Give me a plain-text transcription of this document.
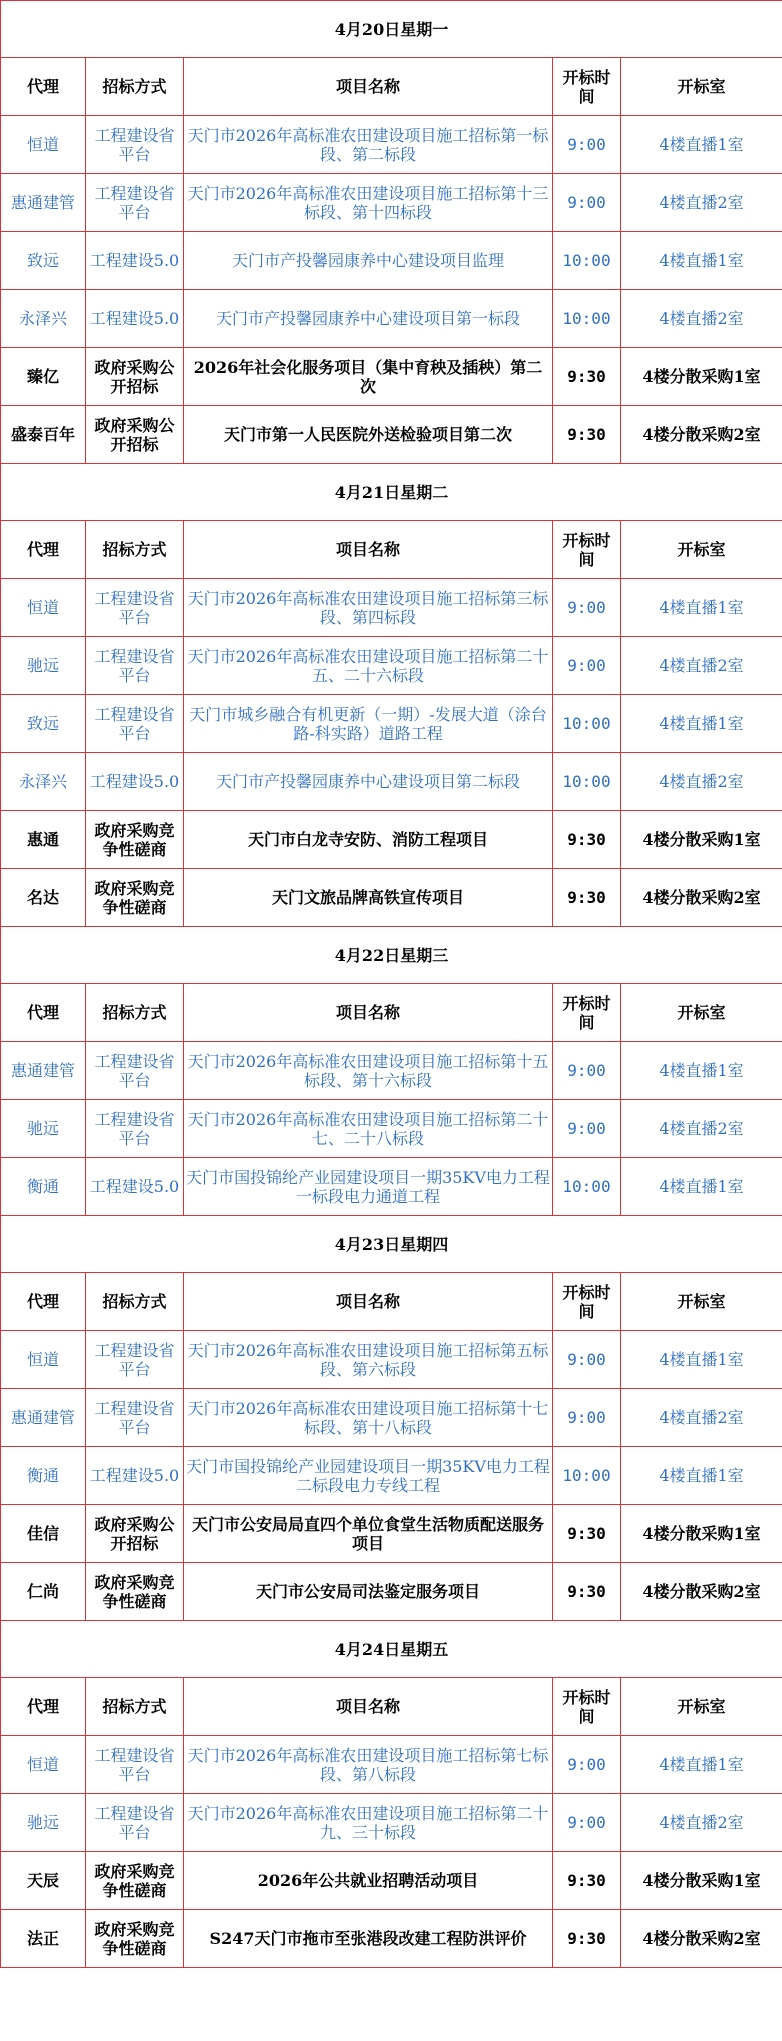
4月20日星期一				
代理	招标方式	项目名称	开标时间	开标室
恒道	工程建设省平台	天门市2026年高标准农田建设项目施工招标第一标段、第二标段	9:00	4楼直播1室
惠通建管	工程建设省平台	天门市2026年高标准农田建设项目施工招标第十三标段、第十四标段	9:00	4楼直播2室
致远	工程建设5.0	天门市产投馨园康养中心建设项目监理	10:00	4楼直播1室
永泽兴	工程建设5.0	天门市产投馨园康养中心建设项目第一标段	10:00	4楼直播2室
臻亿	政府采购公开招标	2026年社会化服务项目（集中育秧及插秧）第二次	9:30	4楼分散采购1室
盛泰百年	政府采购公开招标	天门市第一人民医院外送检验项目第二次	9:30	4楼分散采购2室
4月21日星期二				
代理	招标方式	项目名称	开标时间	开标室
恒道	工程建设省平台	天门市2026年高标准农田建设项目施工招标第三标段、第四标段	9:00	4楼直播1室
驰远	工程建设省平台	天门市2026年高标准农田建设项目施工招标第二十五、二十六标段	9:00	4楼直播2室
致远	工程建设省平台	天门市城乡融合有机更新（一期）-发展大道（涂台路-科实路）道路工程	10:00	4楼直播1室
永泽兴	工程建设5.0	天门市产投馨园康养中心建设项目第二标段	10:00	4楼直播2室
惠通	政府采购竞争性磋商	天门市白龙寺安防、消防工程项目	9:30	4楼分散采购1室
名达	政府采购竞争性磋商	天门文旅品牌高铁宣传项目	9:30	4楼分散采购2室
4月22日星期三				
代理	招标方式	项目名称	开标时间	开标室
惠通建管	工程建设省平台	天门市2026年高标准农田建设项目施工招标第十五标段、第十六标段	9:00	4楼直播1室
驰远	工程建设省平台	天门市2026年高标准农田建设项目施工招标第二十七、二十八标段	9:00	4楼直播2室
衡通	工程建设5.0	天门市国投锦纶产业园建设项目一期35KV电力工程一标段电力通道工程	10:00	4楼直播1室
4月23日星期四				
代理	招标方式	项目名称	开标时间	开标室
恒道	工程建设省平台	天门市2026年高标准农田建设项目施工招标第五标段、第六标段	9:00	4楼直播1室
惠通建管	工程建设省平台	天门市2026年高标准农田建设项目施工招标第十七标段、第十八标段	9:00	4楼直播2室
衡通	工程建设5.0	天门市国投锦纶产业园建设项目一期35KV电力工程二标段电力专线工程	10:00	4楼直播1室
佳信	政府采购公开招标	天门市公安局局直四个单位食堂生活物质配送服务项目	9:30	4楼分散采购1室
仁尚	政府采购竞争性磋商	天门市公安局司法鉴定服务项目	9:30	4楼分散采购2室
4月24日星期五				
代理	招标方式	项目名称	开标时间	开标室
恒道	工程建设省平台	天门市2026年高标准农田建设项目施工招标第七标段、第八标段	9:00	4楼直播1室
驰远	工程建设省平台	天门市2026年高标准农田建设项目施工招标第二十九、三十标段	9:00	4楼直播2室
天辰	政府采购竞争性磋商	2026年公共就业招聘活动项目	9:30	4楼分散采购1室
法正	政府采购竞争性磋商	S247天门市拖市至张港段改建工程防洪评价	9:30	4楼分散采购2室
